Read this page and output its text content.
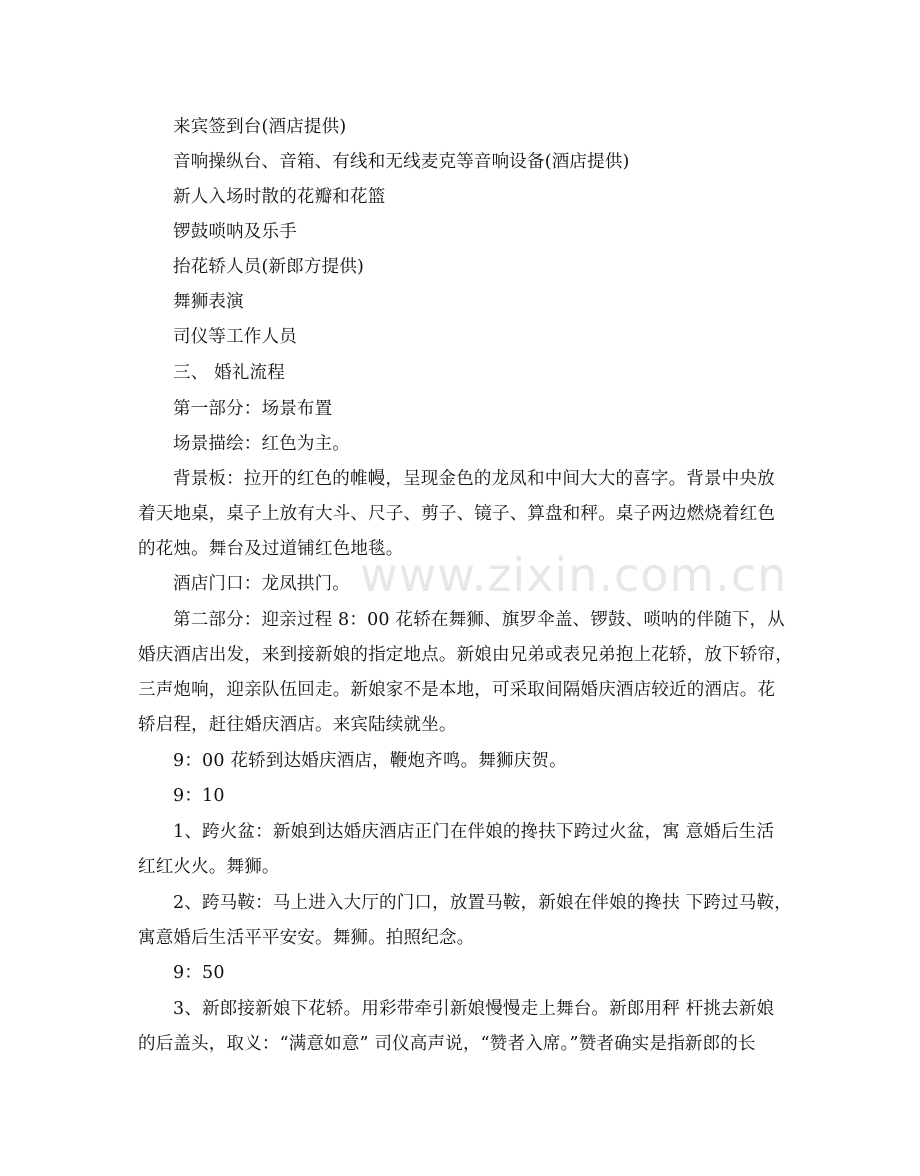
来宾签到台(酒店提供)
音响操纵台、音箱、有线和无线麦克等音响设备(酒店提供)
新人入场时散的花瓣和花篮
锣鼓唢呐及乐手
抬花轿人员(新郎方提供)
舞狮表演
司仪等工作人员
三、 婚礼流程
第一部分：场景布置
场景描绘：红色为主。
背景板：拉开的红色的帷幔，呈现金色的龙凤和中间大大的喜字。背景中央放
着天地桌，桌子上放有大斗、尺子、剪子、镜子、算盘和秤。桌子两边燃烧着红色
的花烛。舞台及过道铺红色地毯。
酒店门口：龙凤拱门。
第二部分：迎亲过程 8：00 花轿在舞狮、旗罗伞盖、锣鼓、唢呐的伴随下，从
婚庆酒店出发，来到接新娘的指定地点。新娘由兄弟或表兄弟抱上花轿，放下轿帘，
三声炮响，迎亲队伍回走。新娘家不是本地，可采取间隔婚庆酒店较近的酒店。花
轿启程，赶往婚庆酒店。来宾陆续就坐。
9：00 花轿到达婚庆酒店，鞭炮齐鸣。舞狮庆贺。
9：10
1、跨火盆：新娘到达婚庆酒店正门在伴娘的搀扶下跨过火盆，寓 意婚后生活
红红火火。舞狮。
2、跨马鞍：马上进入大厅的门口，放置马鞍，新娘在伴娘的搀扶 下跨过马鞍，
寓意婚后生活平平安安。舞狮。拍照纪念。
9：50
3、新郎接新娘下花轿。用彩带牵引新娘慢慢走上舞台。新郎用秤 杆挑去新娘
的后盖头，取义：“满意如意” 司仪高声说，“赞者入席。”赞者确实是指新郎的长
www.zixin.com.cn
